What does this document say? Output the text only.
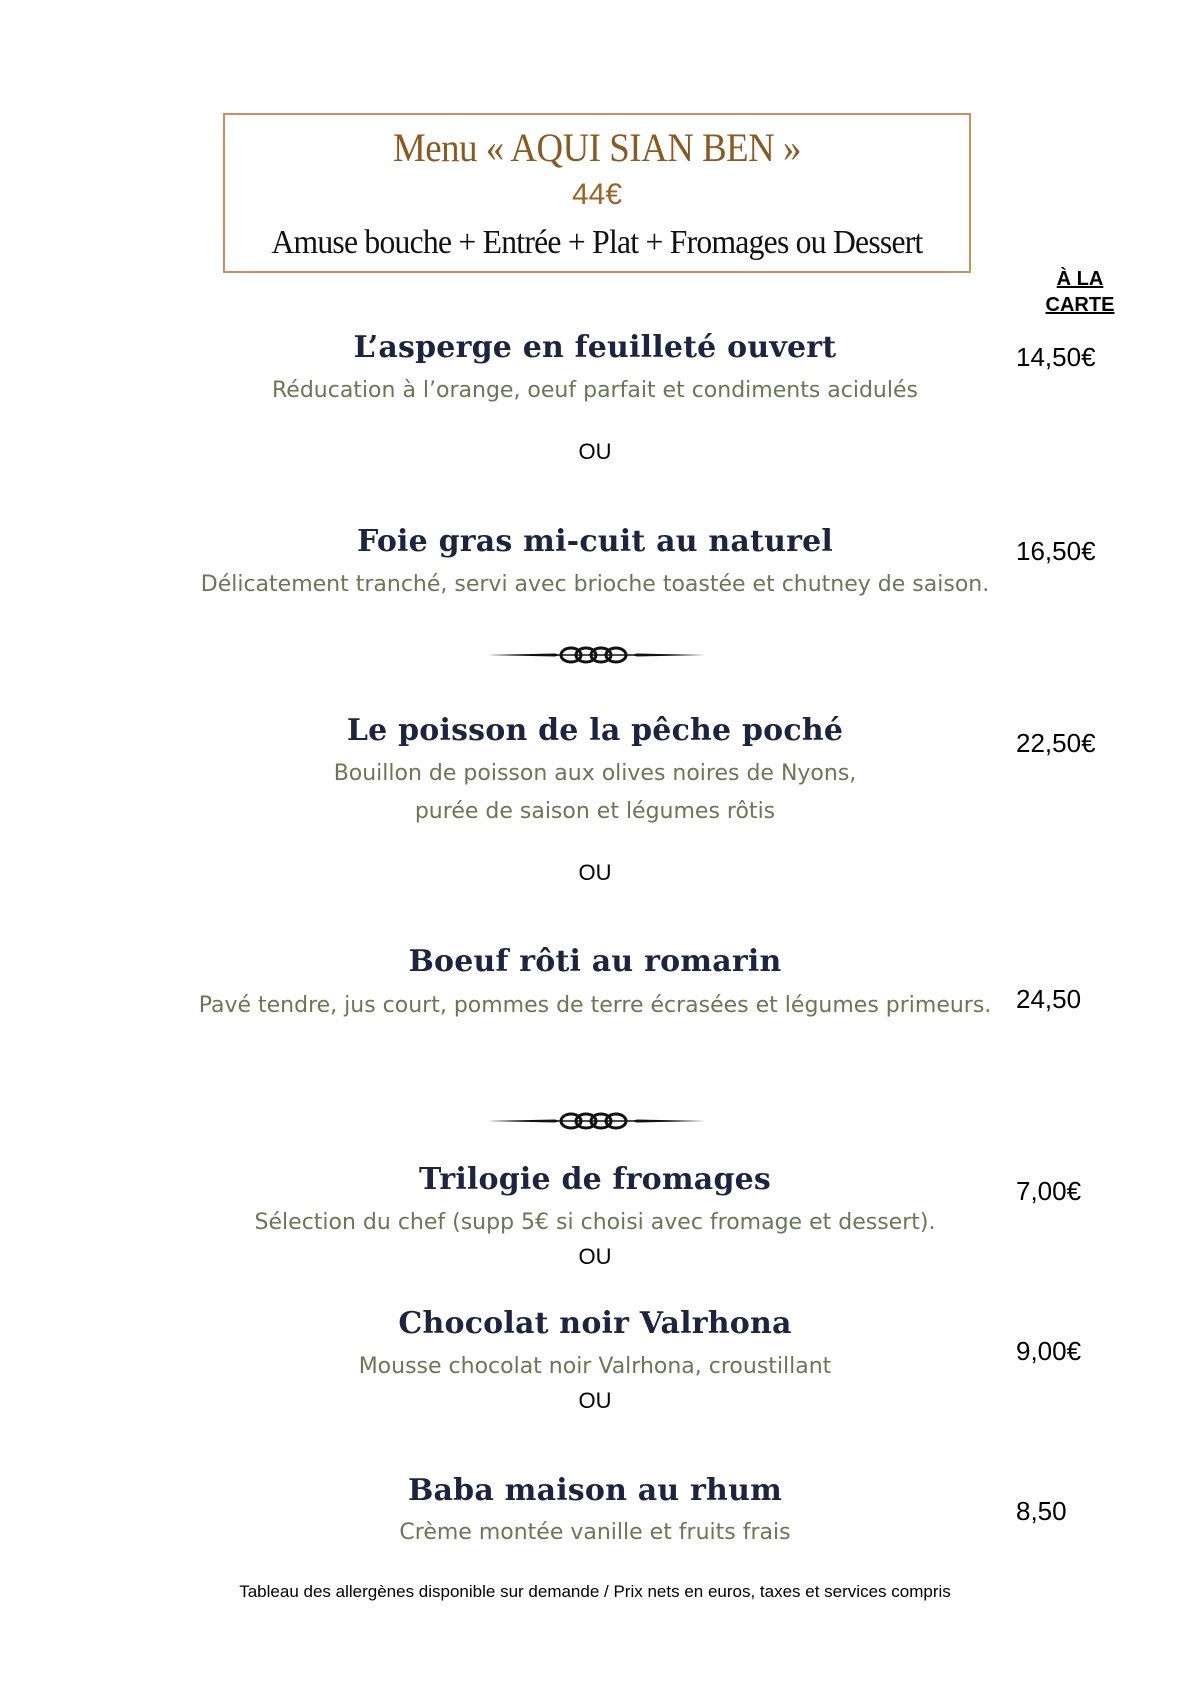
Menu « AQUI SIAN BEN »
44€
Amuse bouche + Entrée + Plat + Fromages ou Dessert
À LA
CARTE
L’asperge en feuilleté ouvert
Réducation à l’orange, oeuf parfait et condiments acidulés
14,50€
OU
Foie gras mi-cuit au naturel
Délicatement tranché, servi avec brioche toastée et chutney de saison.
16,50€
Le poisson de la pêche poché
Bouillon de poisson aux olives noires de Nyons,
purée de saison et légumes rôtis
22,50€
OU
Boeuf rôti au romarin
Pavé tendre, jus court, pommes de terre écrasées et légumes primeurs. 24,50
Trilogie de fromages
Sélection du chef (supp 5€ si choisi avec fromage et dessert).
7,00€
OU
Chocolat noir Valrhona
Mousse chocolat noir Valrhona, croustillant
9,00€
OU
Baba maison au rhum
Crème montée vanille et fruits frais
8,50
Tableau des allergènes disponible sur demande / Prix nets en euros, taxes et services compris
